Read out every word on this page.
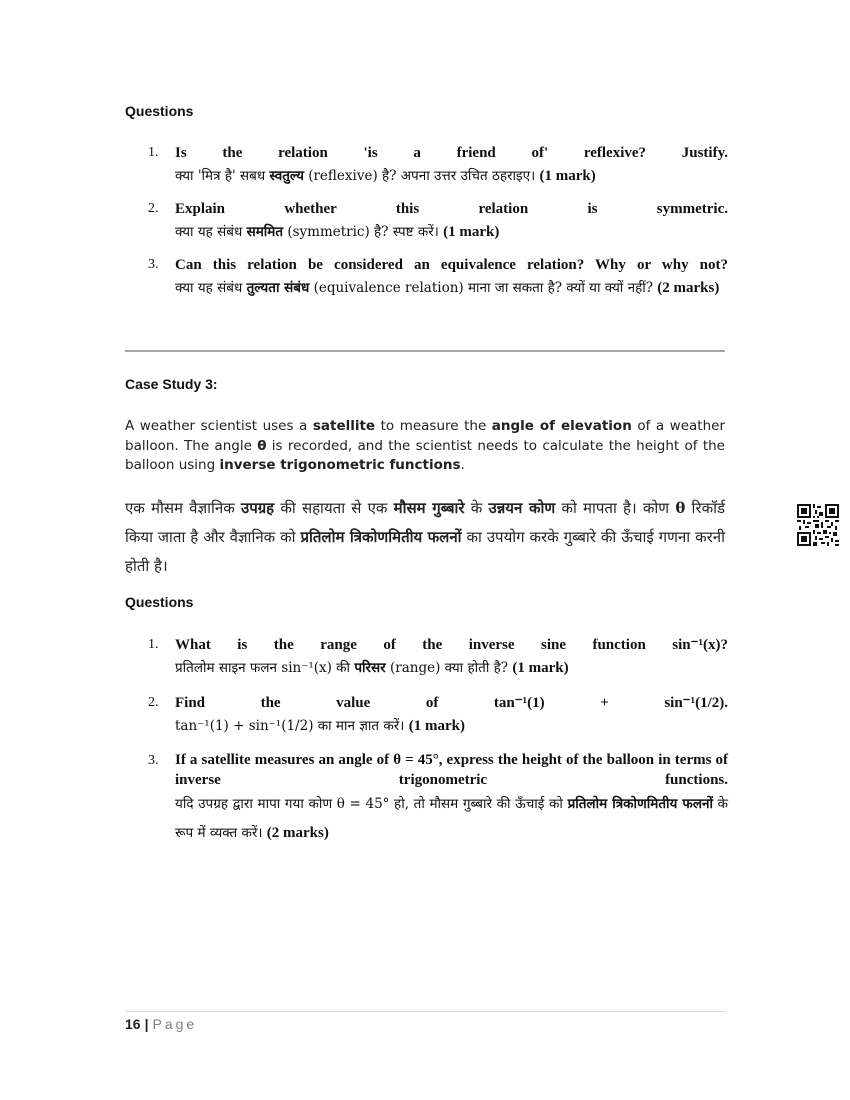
Questions
1.	Is the relation 'is a friend of' reflexive? Justify.
क्या 'मित्र है' सबध स्वतुल्य (reflexive) है? अपना उत्तर उचित ठहराइए। (1 mark)
2.	Explain whether this relation is symmetric.
क्या यह संबंध सममित (symmetric) है? स्पष्ट करें। (1 mark)
3.	Can this relation be considered an equivalence relation? Why or why not?
क्या यह संबंध तुल्यता संबंध (equivalence relation) माना जा सकता है? क्यों या क्यों नहीं? (2 marks)
Case Study 3:
A weather scientist uses a satellite to measure the angle of elevation of a weather balloon. The angle θ is recorded, and the scientist needs to calculate the height of the balloon using inverse trigonometric functions.
एक मौसम वैज्ञानिक उपग्रह की सहायता से एक मौसम गुब्बारे के उन्नयन कोण को मापता है। कोण θ रिकॉर्ड किया जाता है और वैज्ञानिक को प्रतिलोम त्रिकोणमितीय फलनों का उपयोग करके गुब्बारे की ऊँचाई गणना करनी होती है।
Questions
1.	What is the range of the inverse sine function sin⁻¹(x)?
प्रतिलोम साइन फलन sin⁻¹(x) की परिसर (range) क्या होती है? (1 mark)
2.	Find the value of tan⁻¹(1) + sin⁻¹(1/2).
tan⁻¹(1) + sin⁻¹(1/2) का मान ज्ञात करें। (1 mark)
3.	If a satellite measures an angle of θ = 45°, express the height of the balloon in terms of inverse trigonometric functions.
यदि उपग्रह द्वारा मापा गया कोण θ = 45° हो, तो मौसम गुब्बारे की ऊँचाई को प्रतिलोम त्रिकोणमितीय फलनों के रूप में व्यक्त करें। (2 marks)
16 | Page
